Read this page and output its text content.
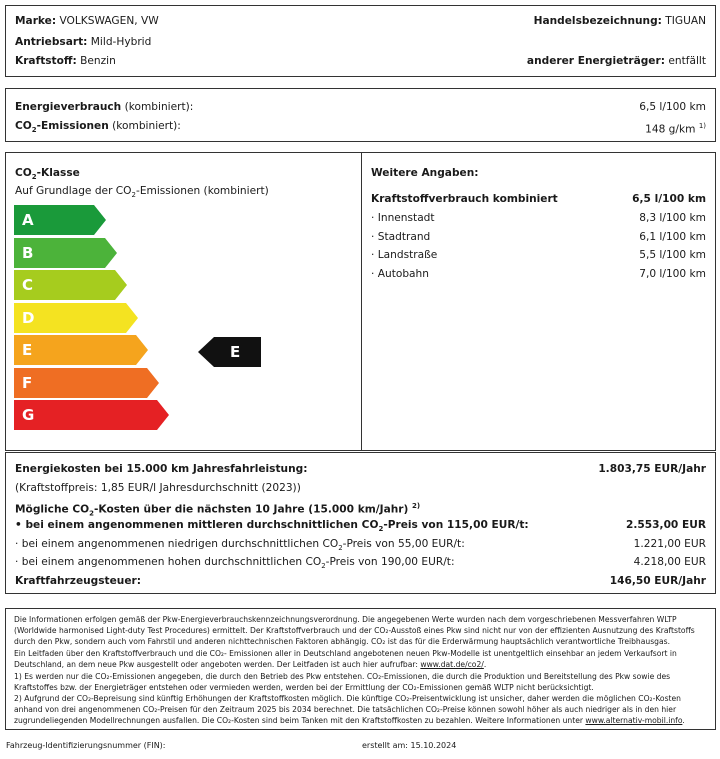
Marke: VOLKSWAGEN, VW	Handelsbezeichnung: TIGUAN
Antriebsart: Mild-Hybrid
Kraftstoff: Benzin	anderer Energieträger: entfällt
Energieverbrauch (kombiniert):	6,5 l/100 km
$CO_2$-Emissionen (kombiniert):	148 g/km $^{1)}$
$CO_2$-Klasse
Auf Grundlage der $CO_2$-Emissionen (kombiniert)
A
B
C
D
E
F
G
E
Weitere Angaben:
Kraftstoffverbrauch kombiniert	6,5 l/100 km
· Innenstadt	8,3 l/100 km
· Stadtrand	6,1 l/100 km
· Landstraße	5,5 l/100 km
· Autobahn	7,0 l/100 km
Energiekosten bei 15.000 km Jahresfahrleistung:	1.803,75 EUR/Jahr
(Kraftstoffpreis: 1,85 EUR/l Jahresdurchschnitt (2023))
Mögliche $CO_2$-Kosten über die nächsten 10 Jahre (15.000 km/Jahr) $^{2)}$
• bei einem angenommenen mittleren durchschnittlichen $CO_2$-Preis von 115,00 EUR/t:	2.553,00 EUR
· bei einem angenommenen niedrigen durchschnittlichen $CO_2$-Preis von 55,00 EUR/t:	1.221,00 EUR
· bei einem angenommenen hohen durchschnittlichen $CO_2$-Preis von 190,00 EUR/t:	4.218,00 EUR
Kraftfahrzeugsteuer:	146,50 EUR/Jahr
Die Informationen erfolgen gemäß der Pkw-Energieverbrauchskennzeichnungsverordnung. Die angegebenen Werte wurden nach dem vorgeschriebenen Messverfahren WLTP
(Worldwide harmonised Light-duty Test Procedures) ermittelt. Der Kraftstoffverbrauch und der CO₂-Ausstoß eines Pkw sind nicht nur von der effizienten Ausnutzung des Kraftstoffs
durch den Pkw, sondern auch vom Fahrstil und anderen nichttechnischen Faktoren abhängig. CO₂ ist das für die Erderwärmung hauptsächlich verantwortliche Treibhausgas.
Ein Leitfaden über den Kraftstoffverbrauch und die CO₂- Emissionen aller in Deutschland angebotenen neuen Pkw-Modelle ist unentgeltlich einsehbar an jedem Verkaufsort in
Deutschland, an dem neue Pkw ausgestellt oder angeboten werden. Der Leitfaden ist auch hier aufrufbar: www.dat.de/co2/.
1) Es werden nur die CO₂-Emissionen angegeben, die durch den Betrieb des Pkw entstehen. CO₂-Emissionen, die durch die Produktion und Bereitstellung des Pkw sowie des
Kraftstoffes bzw. der Energieträger entstehen oder vermieden werden, werden bei der Ermittlung der CO₂-Emissionen gemäß WLTP nicht berücksichtigt.
2) Aufgrund der CO₂-Bepreisung sind künftig Erhöhungen der Kraftstoffkosten möglich. Die künftige CO₂-Preisentwicklung ist unsicher, daher werden die möglichen CO₂-Kosten
anhand von drei angenommenen CO₂-Preisen für den Zeitraum 2025 bis 2034 berechnet. Die tatsächlichen CO₂-Preise können sowohl höher als auch niedriger als in den hier
zugrundeliegenden Modellrechnungen ausfallen. Die CO₂-Kosten sind beim Tanken mit den Kraftstoffkosten zu bezahlen. Weitere Informationen unter www.alternativ-mobil.info.
Fahrzeug-Identifizierungsnummer (FIN):	erstellt am: 15.10.2024
